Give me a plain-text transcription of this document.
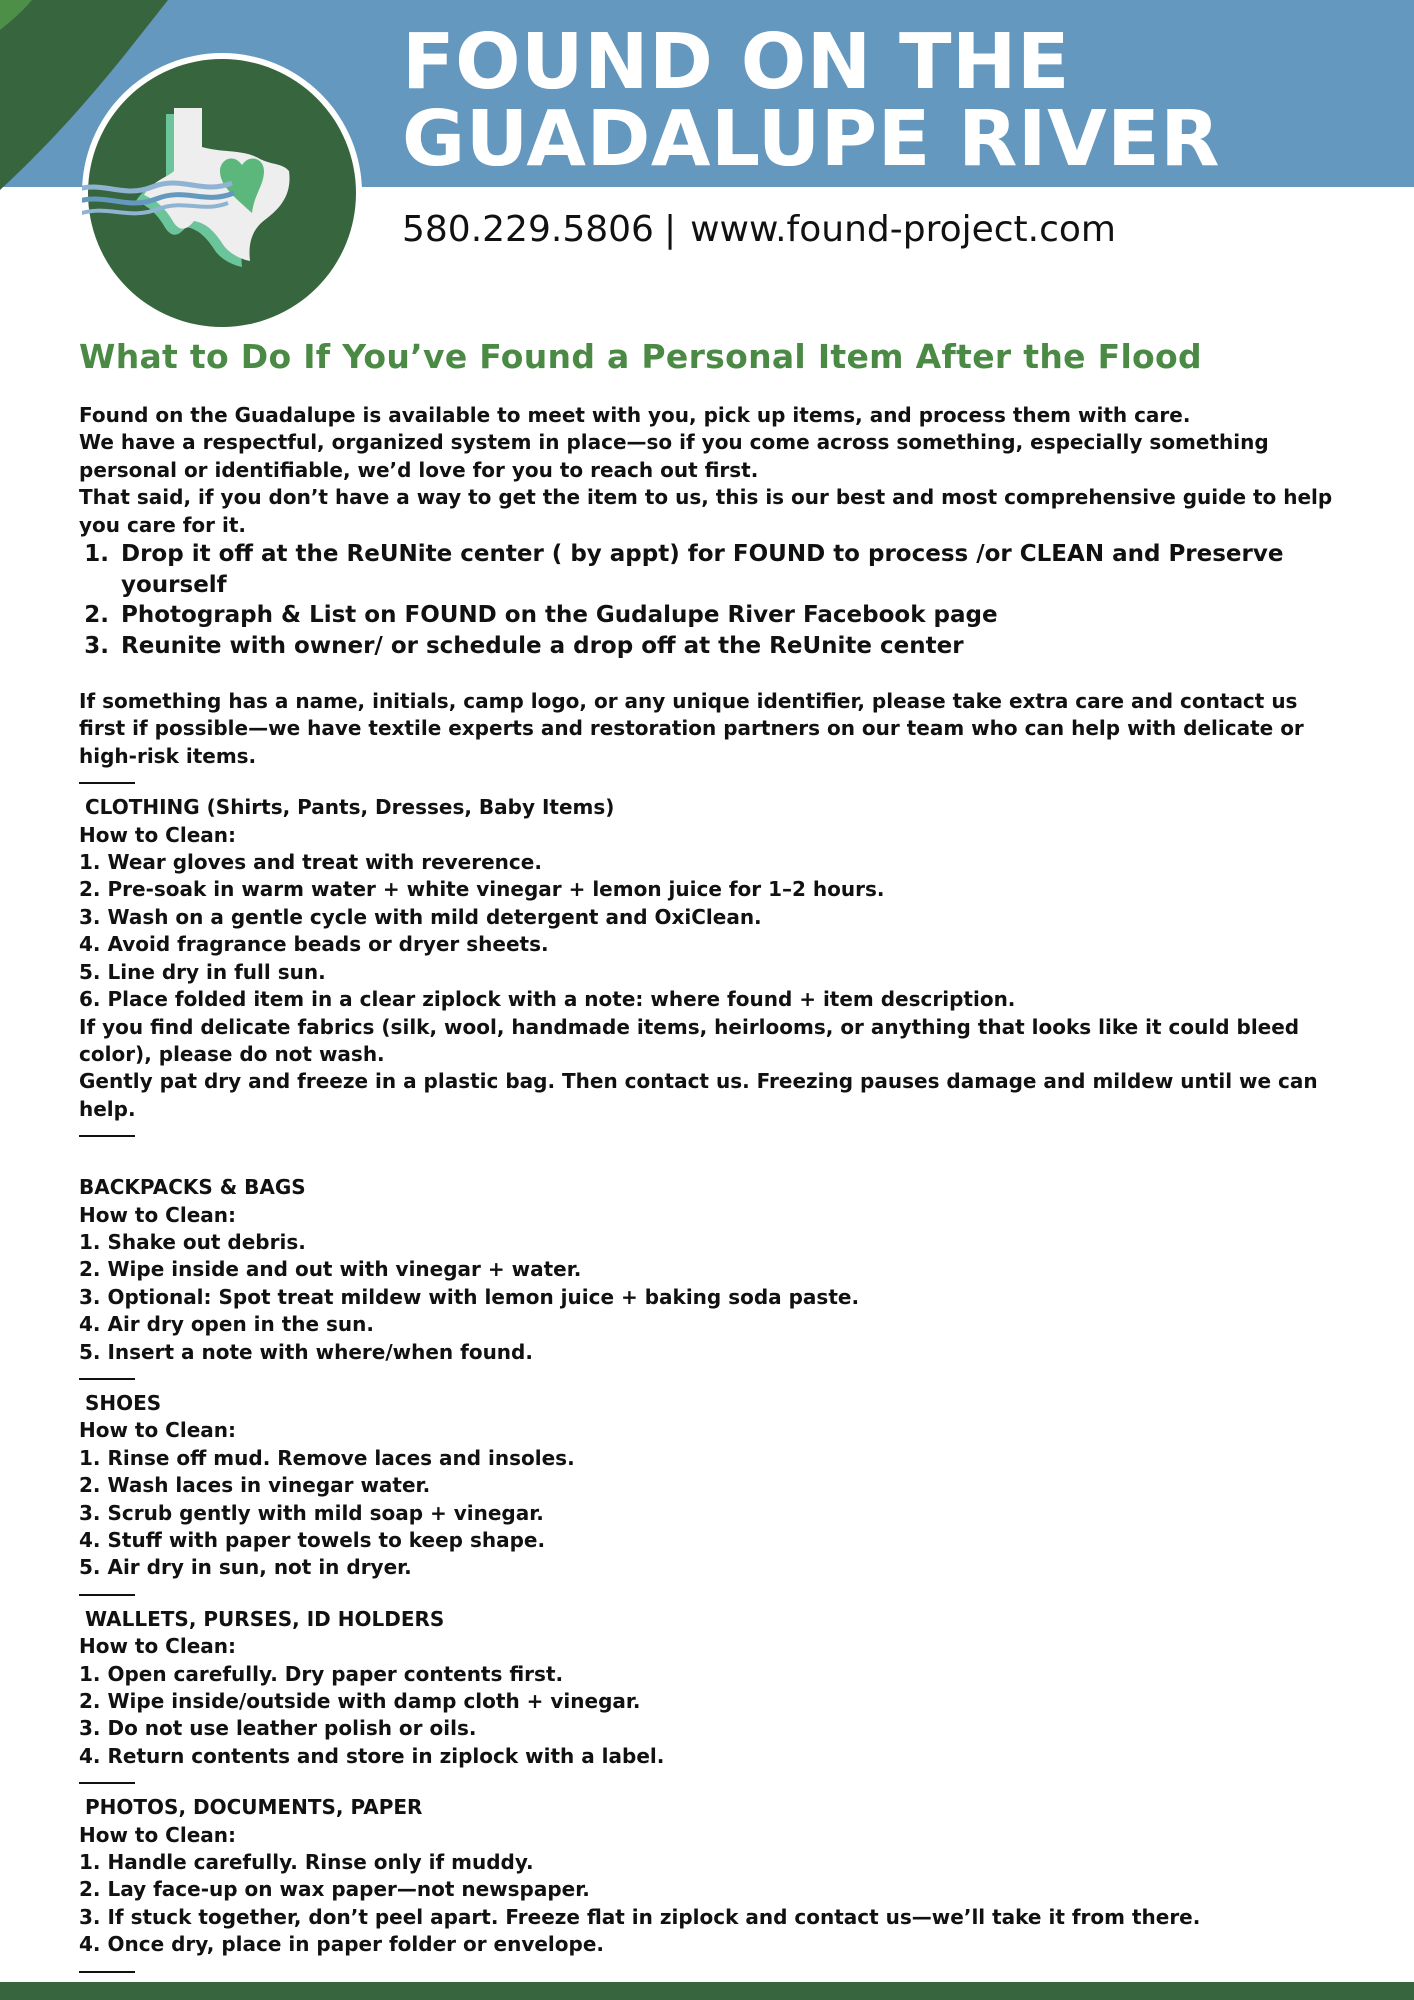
FOUND ON THE
GUADALUPE RIVER
580.229.5806 | www.found-project.com
What to Do If You’ve Found a Personal Item After the Flood

Found on the Guadalupe is available to meet with you, pick up items, and process them with care.

We have a respectful, organized system in place—so if you come across something, especially something personal or identifiable, we’d love for you to reach out first.

That said, if you don’t have a way to get the item to us, this is our best and most comprehensive guide to help you care for it.

1. Drop it off at the ReUNite center ( by appt) for FOUND to process /or CLEAN and Preserve yourself
2. Photograph & List on FOUND on the Gudalupe River Facebook page
3. Reunite with owner/ or schedule a drop off at the ReUnite center

If something has a name, initials, camp logo, or any unique identifier, please take extra care and contact us first if possible—we have textile experts and restoration partners on our team who can help with delicate or high-risk items.

CLOTHING (Shirts, Pants, Dresses, Baby Items)

How to Clean:

1. Wear gloves and treat with reverence.

2. Pre-soak in warm water + white vinegar + lemon juice for 1–2 hours.

3. Wash on a gentle cycle with mild detergent and OxiClean.

4. Avoid fragrance beads or dryer sheets.

5. Line dry in full sun.

6. Place folded item in a clear ziplock with a note: where found + item description.

If you find delicate fabrics (silk, wool, handmade items, heirlooms, or anything that looks like it could bleed color), please do not wash.

Gently pat dry and freeze in a plastic bag. Then contact us. Freezing pauses damage and mildew until we can help.

BACKPACKS & BAGS

How to Clean:

1. Shake out debris.

2. Wipe inside and out with vinegar + water.

3. Optional: Spot treat mildew with lemon juice + baking soda paste.

4. Air dry open in the sun.

5. Insert a note with where/when found.

SHOES

How to Clean:

1. Rinse off mud. Remove laces and insoles.

2. Wash laces in vinegar water.

3. Scrub gently with mild soap + vinegar.

4. Stuff with paper towels to keep shape.

5. Air dry in sun, not in dryer.

WALLETS, PURSES, ID HOLDERS

How to Clean:

1. Open carefully. Dry paper contents first.

2. Wipe inside/outside with damp cloth + vinegar.

3. Do not use leather polish or oils.

4. Return contents and store in ziplock with a label.

PHOTOS, DOCUMENTS, PAPER

How to Clean:

1. Handle carefully. Rinse only if muddy.

2. Lay face-up on wax paper—not newspaper.

3. If stuck together, don’t peel apart. Freeze flat in ziplock and contact us—we’ll take it from there.

4. Once dry, place in paper folder or envelope.
